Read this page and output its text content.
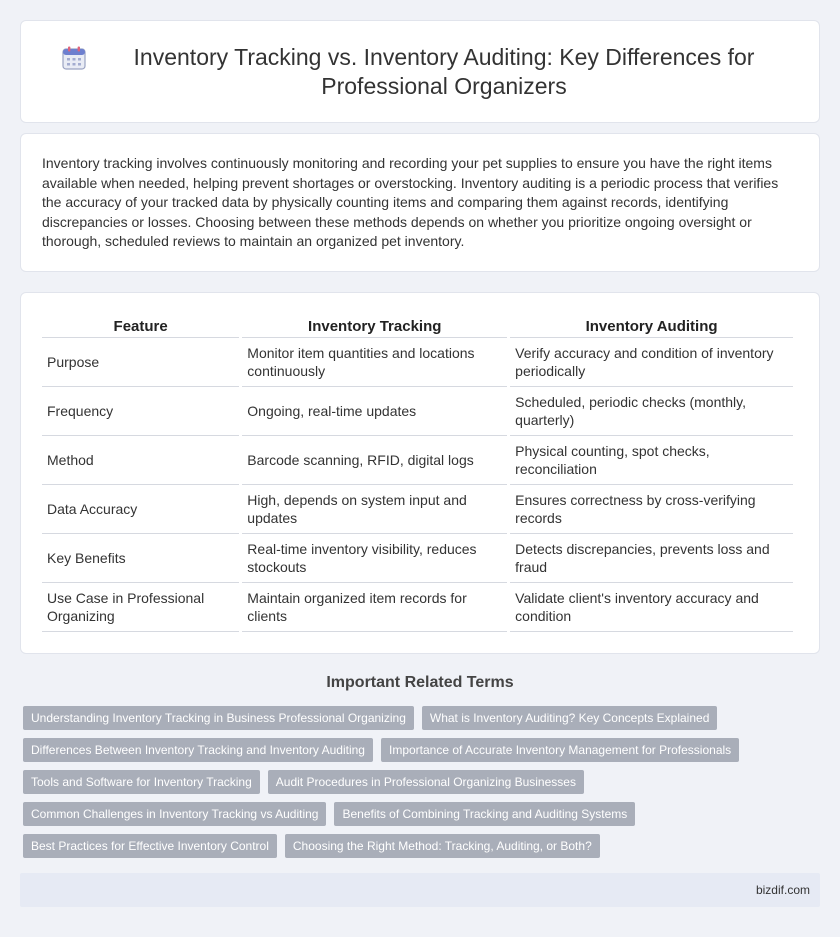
Inventory Tracking vs. Inventory Auditing: Key Differences for Professional Organizers

Inventory tracking involves continuously monitoring and recording your pet supplies to ensure you have the right items available when needed, helping prevent shortages or overstocking. Inventory auditing is a periodic process that verifies the accuracy of your tracked data by physically counting items and comparing them against records, identifying discrepancies or losses. Choosing between these methods depends on whether you prioritize ongoing oversight or thorough, scheduled reviews to maintain an organized pet inventory.

Feature	Inventory Tracking	Inventory Auditing
Purpose	Monitor item quantities and locations continuously	Verify accuracy and condition of inventory periodically
Frequency	Ongoing, real-time updates	Scheduled, periodic checks (monthly, quarterly)
Method	Barcode scanning, RFID, digital logs	Physical counting, spot checks, reconciliation
Data Accuracy	High, depends on system input and updates	Ensures correctness by cross-verifying records
Key Benefits	Real-time inventory visibility, reduces stockouts	Detects discrepancies, prevents loss and fraud
Use Case in Professional Organizing	Maintain organized item records for clients	Validate client's inventory accuracy and condition
Important Related Terms
Understanding Inventory Tracking in Business Professional Organizing	What is Inventory Auditing? Key Concepts Explained
Differences Between Inventory Tracking and Inventory Auditing	Importance of Accurate Inventory Management for Professionals
Tools and Software for Inventory Tracking	Audit Procedures in Professional Organizing Businesses
Common Challenges in Inventory Tracking vs Auditing	Benefits of Combining Tracking and Auditing Systems
Best Practices for Effective Inventory Control	Choosing the Right Method: Tracking, Auditing, or Both?
bizdif.com
